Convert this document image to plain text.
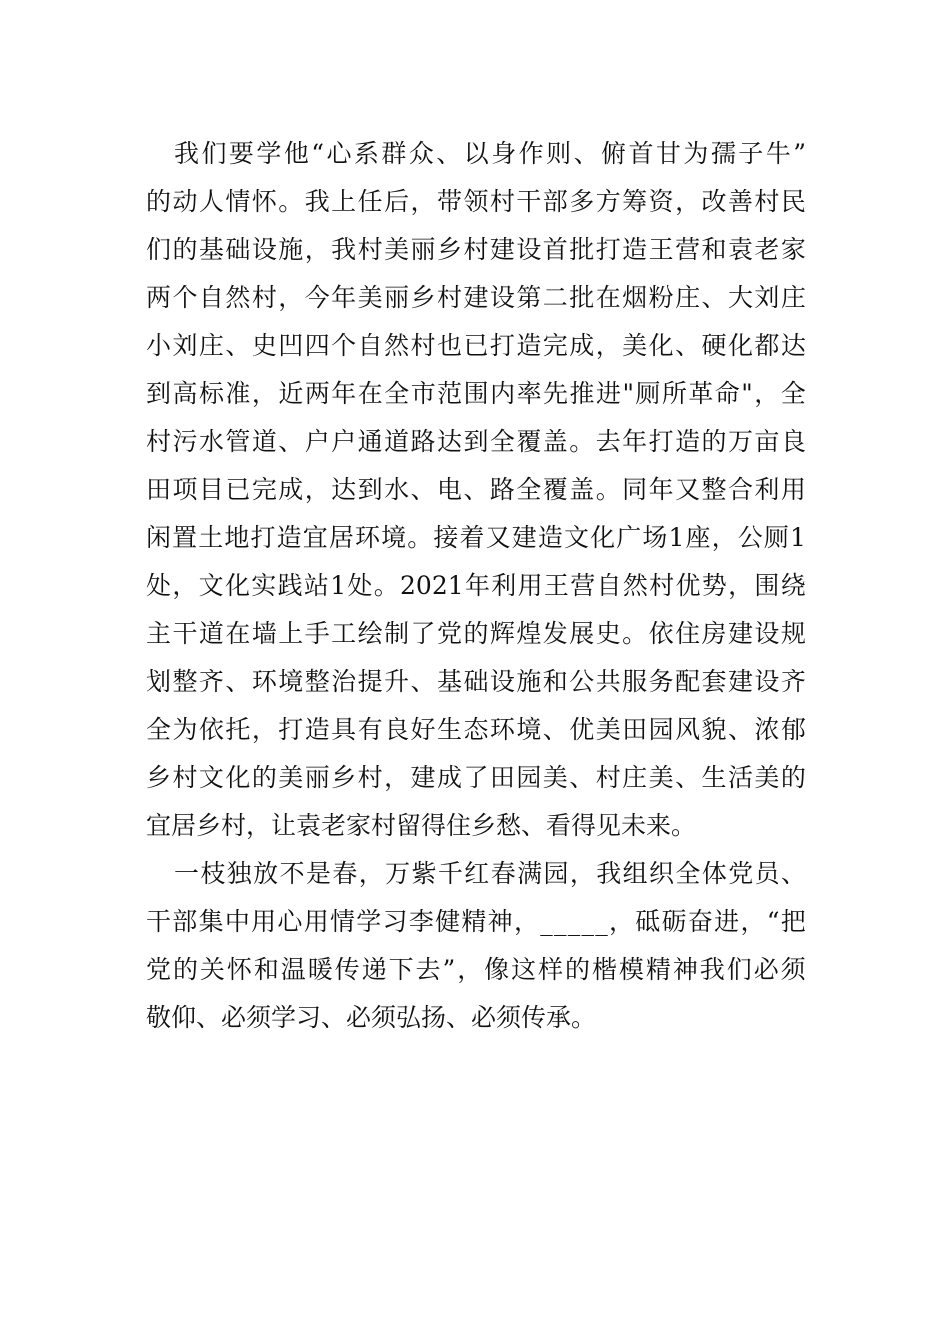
我 们 要 学 他 “ 心 系 群 众 、 以 身 作 则 、 俯 首 甘 为 孺 子 牛 ”
的 动 人 情 怀 。 我 上 任 后 ， 带 领 村 干 部 多 方 筹 资 ， 改 善 村 民
们 的 基 础 设 施 ， 我 村 美 丽 乡 村 建 设 首 批 打 造 王 营 和 袁 老 家
两 个 自 然 村 ， 今 年 美 丽 乡 村 建 设 第 二 批 在 烟 粉 庄 、 大 刘 庄
小 刘 庄 、 史 凹 四 个 自 然 村 也 已 打 造 完 成 ， 美 化 、 硬 化 都 达
到 高 标 准 ， 近 两 年 在 全 市 范 围 内 率 先 推 进 " 厕 所 革 命 " ， 全
村 污 水 管 道 、 户 户 通 道 路 达 到 全 覆 盖 。 去 年 打 造 的 万 亩 良
田 项 目 已 完 成 ， 达 到 水 、 电 、 路 全 覆 盖 。 同 年 又 整 合 利 用
闲 置 土 地 打 造 宜 居 环 境 。 接 着 又 建 造 文 化 广 场 1 座 ， 公 厕 1
处 ， 文 化 实 践 站 1 处 。 2021 年 利 用 王 营 自 然 村 优 势 ， 围 绕
主 干 道 在 墙 上 手 工 绘 制 了 党 的 辉 煌 发 展 史 。 依 住 房 建 设 规
划 整 齐 、 环 境 整 治 提 升 、 基 础 设 施 和 公 共 服 务 配 套 建 设 齐
全 为 依 托 ， 打 造 具 有 良 好 生 态 环 境 、 优 美 田 园 风 貌 、 浓 郁
乡 村 文 化 的 美 丽 乡 村 ， 建 成 了 田 园 美 、 村 庄 美 、 生 活 美 的
宜居乡村，让袁老家村留得住乡愁、看得见未来。
一 枝 独 放 不 是 春 ， 万 紫 千 红 春 满 园 ， 我 组 织 全 体 党 员 、
干 部 集 中 用 心 用 情 学 习 李 健 精 神 ， _ _ _ _ _ ， 砥 砺 奋 进 ， “ 把
党 的 关 怀 和 温 暖 传 递 下 去 ” ， 像 这 样 的 楷 模 精 神 我 们 必 须
敬仰、必须学习、必须弘扬、必须传承。
